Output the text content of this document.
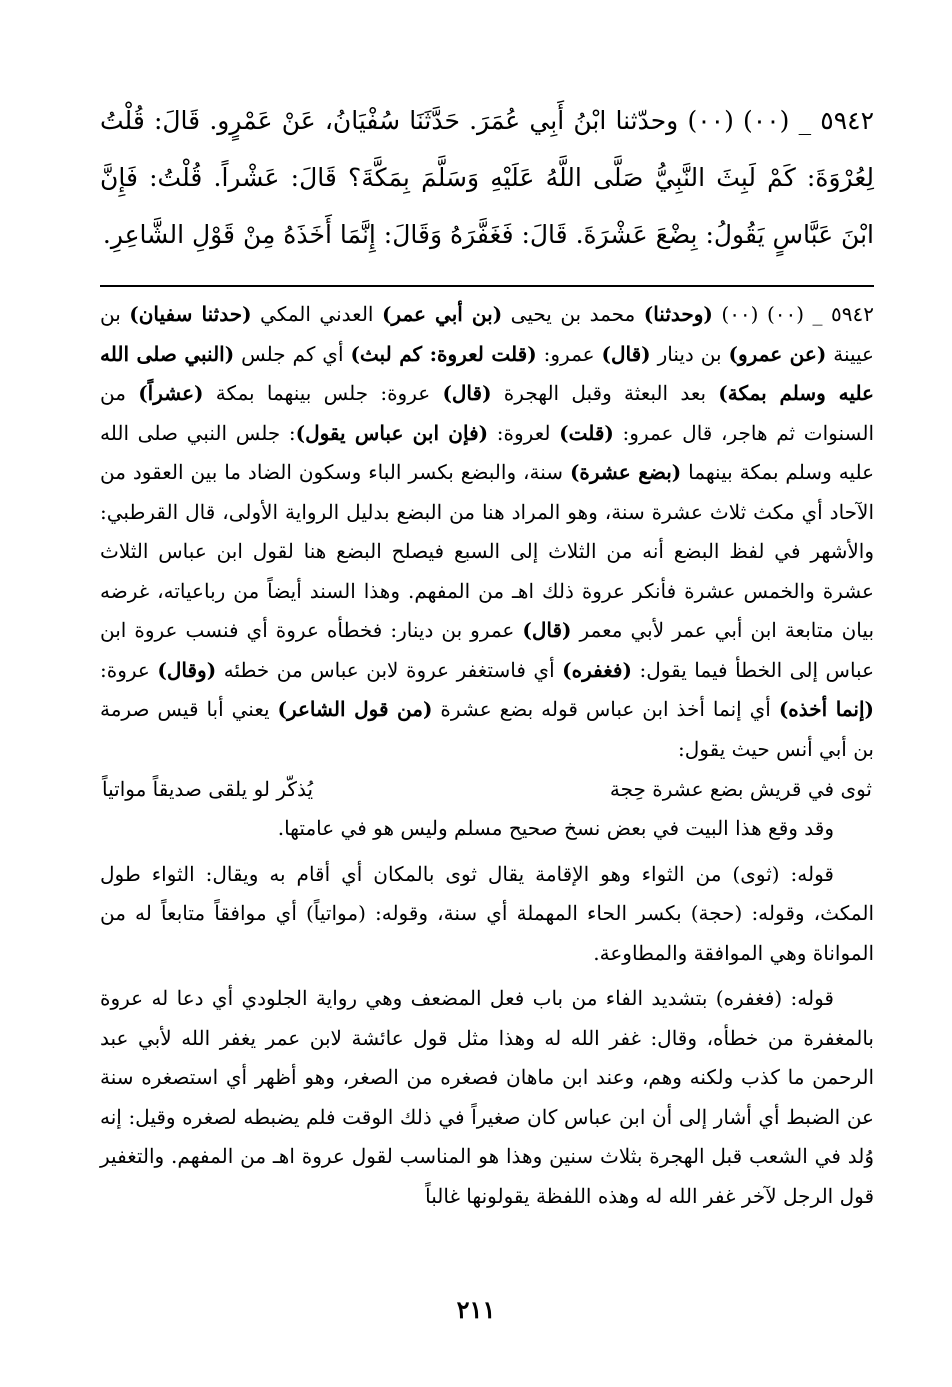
٥٩٤٢ _ (٠٠) (٠٠) وحدّثنا ابْنُ أَبِي عُمَرَ. حَدَّثَنَا سُفْيَانُ، عَنْ عَمْرٍو. قَالَ: قُلْتُ لِعُرْوَةَ: كَمْ لَبِثَ النَّبِيُّ صَلَّى اللَّهُ عَلَيْهِ وَسَلَّمَ بِمَكَّةَ؟ قَالَ: عَشْراً. قُلْتُ: فَإِنَّ ابْنَ عَبَّاسٍ يَقُولُ: بِضْعَ عَشْرَةَ. قَالَ: فَغَفَّرَهُ وَقَالَ: إِنَّمَا أَخَذَهُ مِنْ قَوْلِ الشَّاعِرِ.

٥٩٤٢ _ (٠٠) (٠٠) (وحدثنا) محمد بن يحيى (بن أبي عمر) العدني المكي (حدثنا سفيان) بن عيينة (عن عمرو) بن دينار (قال) عمرو: (قلت لعروة: كم لبث) أي كم جلس (النبي صلى الله عليه وسلم بمكة) بعد البعثة وقبل الهجرة (قال) عروة: جلس بينهما بمكة (عشراً) من السنوات ثم هاجر، قال عمرو: (قلت) لعروة: (فإن ابن عباس يقول): جلس النبي صلى الله عليه وسلم بمكة بينهما (بضع عشرة) سنة، والبضع بكسر الباء وسكون الضاد ما بين العقود من الآحاد أي مكث ثلاث عشرة سنة، وهو المراد هنا من البضع بدليل الرواية الأولى، قال القرطبي: والأشهر في لفظ البضع أنه من الثلاث إلى السبع فيصلح البضع هنا لقول ابن عباس الثلاث عشرة والخمس عشرة فأنكر عروة ذلك اهـ من المفهم. وهذا السند أيضاً من رباعياته، غرضه بيان متابعة ابن أبي عمر لأبي معمر (قال) عمرو بن دينار: فخطأه عروة أي فنسب عروة ابن عباس إلى الخطأ فيما يقول: (فغفره) أي فاستغفر عروة لابن عباس من خطئه (وقال) عروة: (إنما أخذه) أي إنما أخذ ابن عباس قوله بضع عشرة (من قول الشاعر) يعني أبا قيس صرمة بن أبي أنس حيث يقول:

ثوى في قريش بضع عشرة حِجة
يُذكّر لو يلقى صديقاً مواتياً

وقد وقع هذا البيت في بعض نسخ صحيح مسلم وليس هو في عامتها.

قوله: (ثوى) من الثواء وهو الإقامة يقال ثوى بالمكان أي أقام به ويقال: الثواء طول المكث، وقوله: (حجة) بكسر الحاء المهملة أي سنة، وقوله: (مواتياً) أي موافقاً متابعاً له من المواناة وهي الموافقة والمطاوعة.

قوله: (فغفره) بتشديد الفاء من باب فعل المضعف وهي رواية الجلودي أي دعا له عروة بالمغفرة من خطأه، وقال: غفر الله له وهذا مثل قول عائشة لابن عمر يغفر الله لأبي عبد الرحمن ما كذب ولكنه وهم، وعند ابن ماهان فصغره من الصغر، وهو أظهر أي استصغره سنة عن الضبط أي أشار إلى أن ابن عباس كان صغيراً في ذلك الوقت فلم يضبطه لصغره وقيل: إنه وُلد في الشعب قبل الهجرة بثلاث سنين وهذا هو المناسب لقول عروة اهـ من المفهم. والتغفير قول الرجل لآخر غفر الله له وهذه اللفظة يقولونها غالباً

٢١١
